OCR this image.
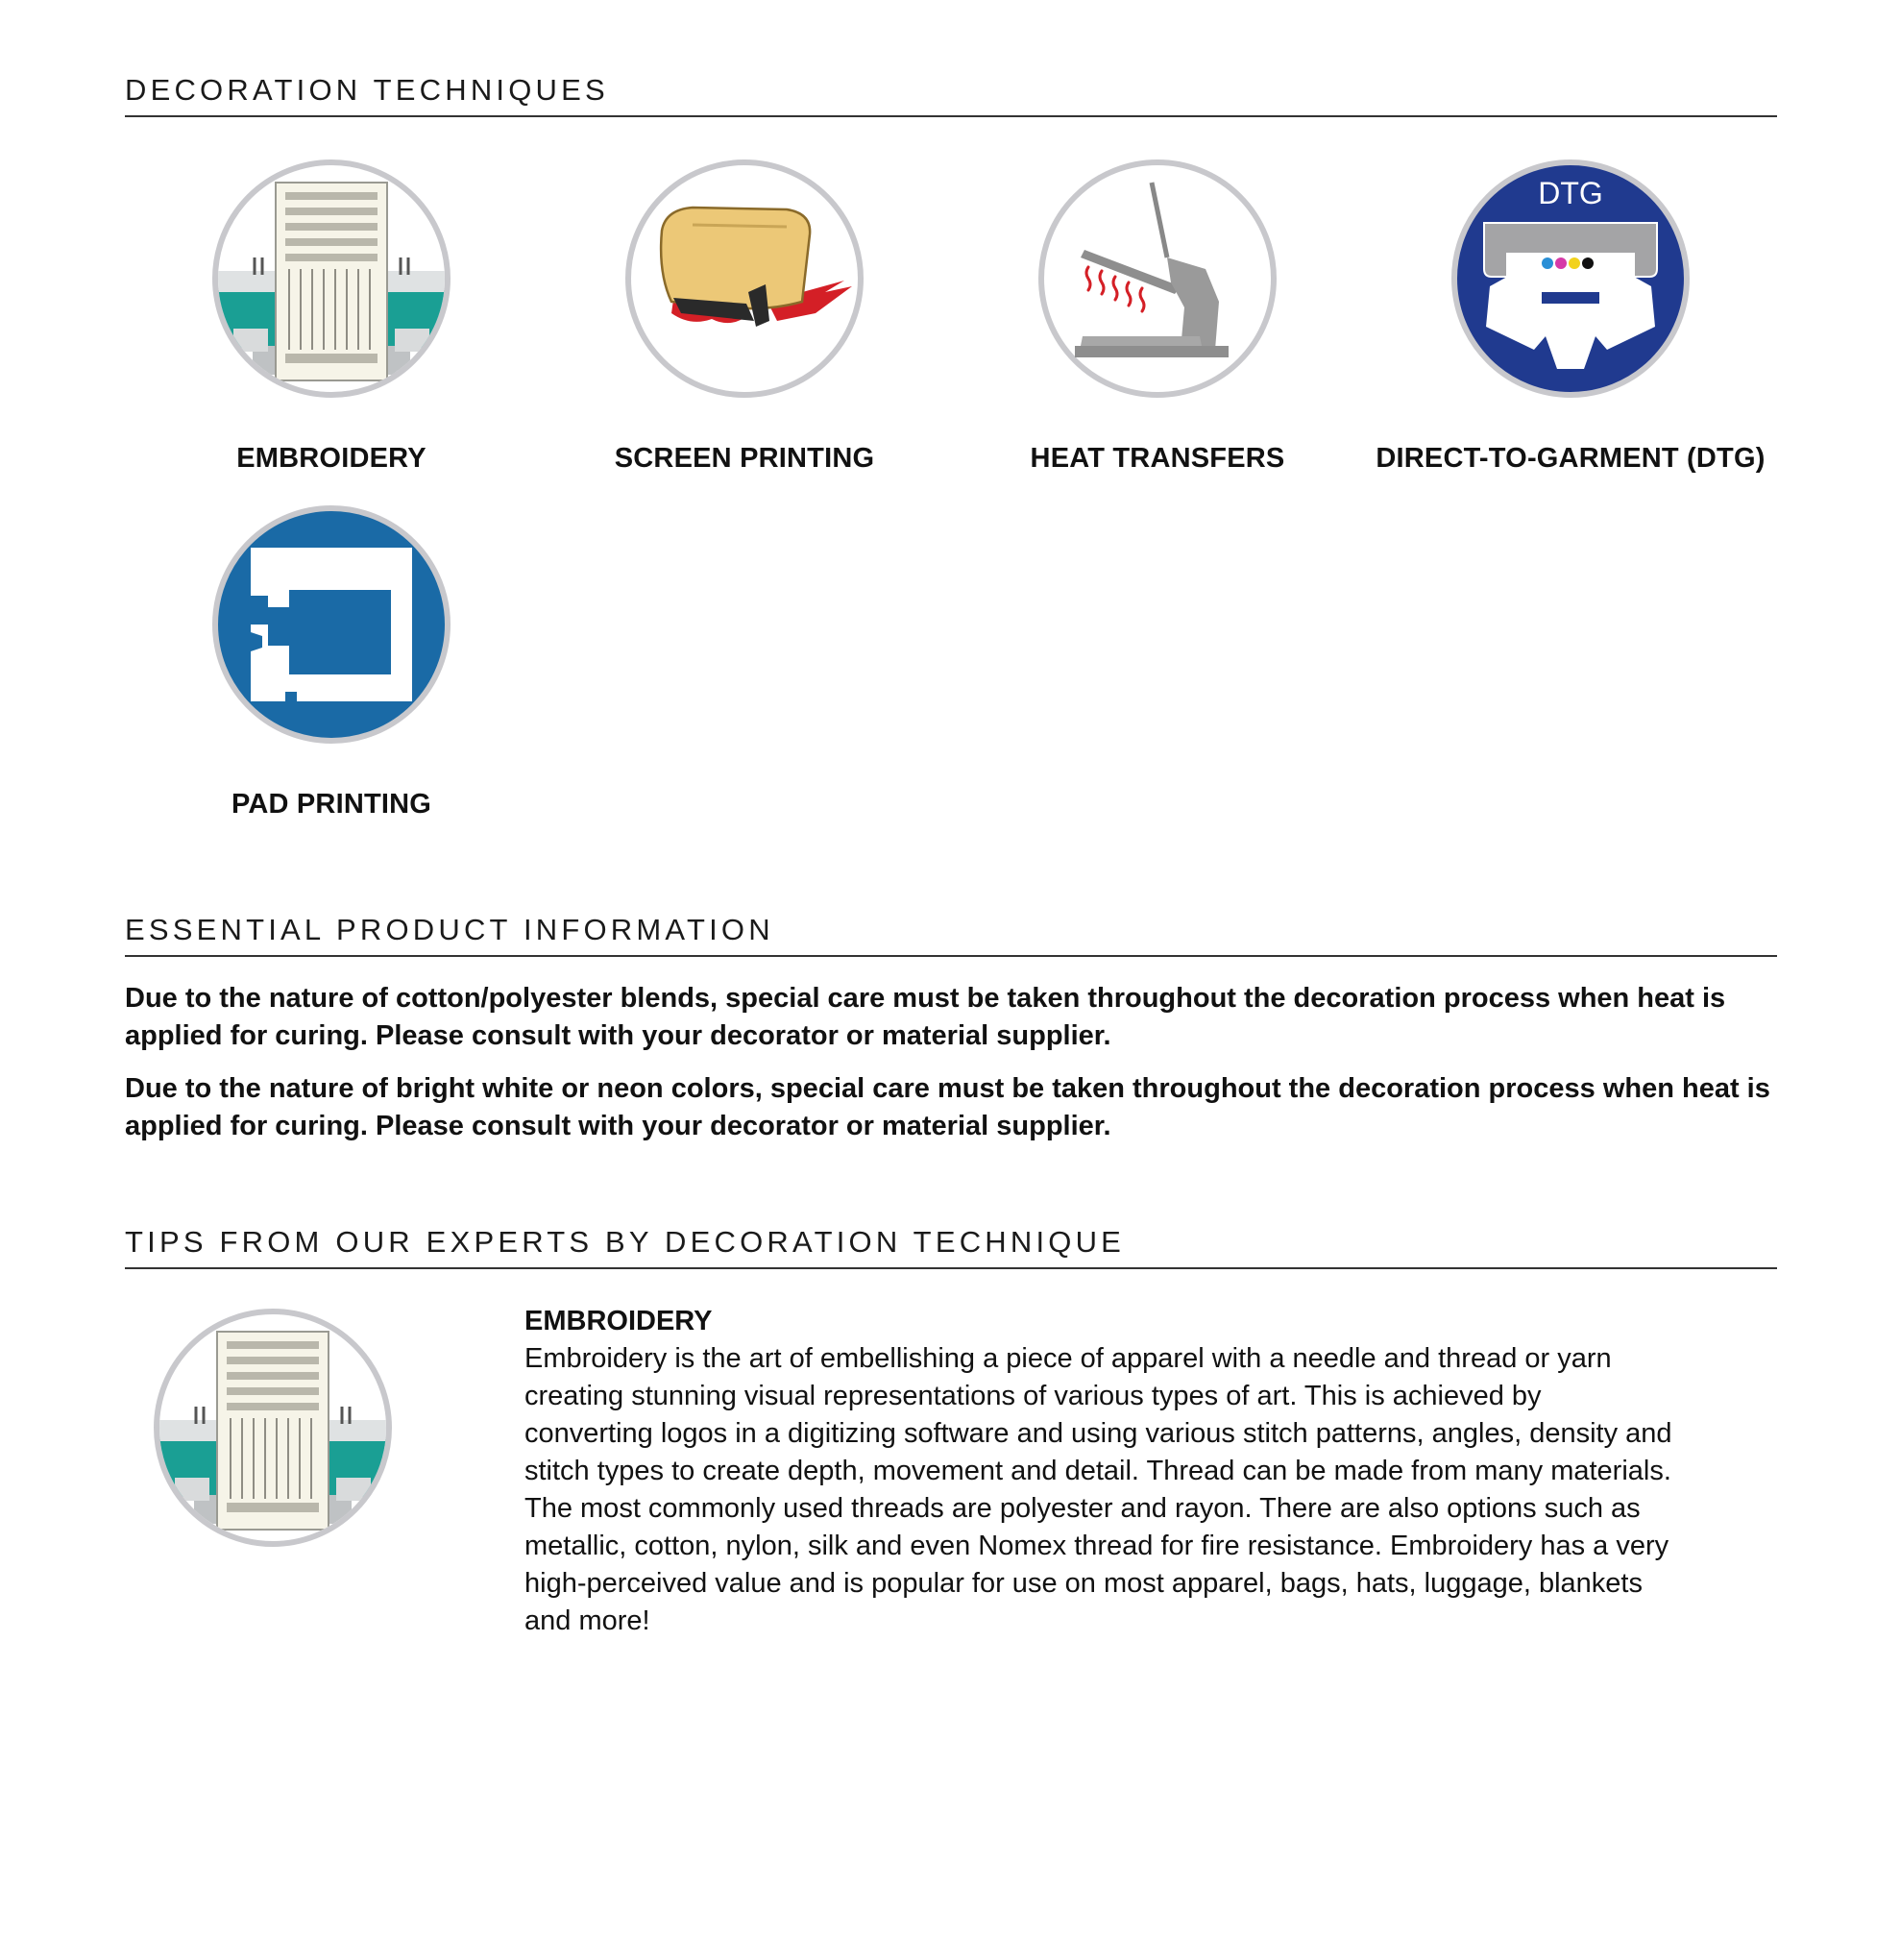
DECORATION TECHNIQUES
EMBROIDERY	SCREEN PRINTING	HEAT TRANSFERS
DTG
DIRECT-TO-GARMENT (DTG)
PAD PRINTING
ESSENTIAL PRODUCT INFORMATION

Due to the nature of cotton/polyester blends, special care must be taken throughout the decoration process when heat is applied for curing. Please consult with your decorator or material supplier.

Due to the nature of bright white or neon colors, special care must be taken throughout the decoration process when heat is applied for curing. Please consult with your decorator or material supplier.

TIPS FROM OUR EXPERTS BY DECORATION TECHNIQUE
EMBROIDERY

Embroidery is the art of embellishing a piece of apparel with a needle and thread or yarn creating stunning visual representations of various types of art. This is achieved by converting logos in a digitizing software and using various stitch patterns, angles, density and stitch types to create depth, movement and detail. Thread can be made from many materials. The most commonly used threads are polyester and rayon. There are also options such as metallic, cotton, nylon, silk and even Nomex thread for fire resistance. Embroidery has a very high-perceived value and is popular for use on most apparel, bags, hats, luggage, blankets and more!
